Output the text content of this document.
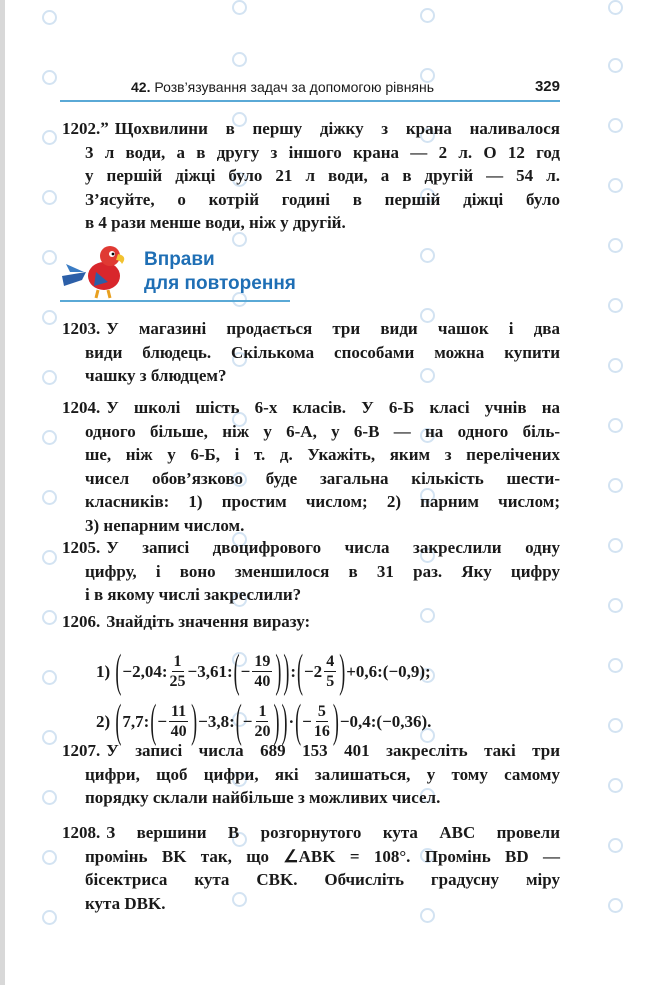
42. Розв’язування задач за допомогою рівнянь	329
Вправи
для повторення
1202.ˮ Щохвилини в першу діжку з крана наливалося
3 л води, а в другу з іншого крана — 2 л. О 12 год
у першій діжці було 21 л води, а в другій — 54 л.
З’ясуйте, о котрій годині в першій діжці було
в 4 рази менше води, ніж у другій.
1203. У магазині продається три види чашок і два
види блюдець. Скількома способами можна купити
чашку з блюдцем?
1204. У школі шість 6-х класів. У 6-Б класі учнів на
одного більше, ніж у 6-А, у 6-В — на одного біль-
ше, ніж у 6-Б, і т. д. Укажіть, яким з перелічених
чисел обов’язково буде загальна кількість шести-
класників: 1) простим числом; 2) парним числом;
3) непарним числом.
1205. У записі двоцифрового числа закреслили одну
цифру, і воно зменшилося в 31 раз. Яку цифру
і в якому числі закреслили?
1206. Знайдіть значення виразу:
1207. У записі числа 689 153 401 закресліть такі три
цифри, щоб цифри, які залишаться, у тому самому
порядку склали найбільше з можливих чисел.
1208. З вершини B розгорнутого кута ABC провели
промінь BK так, що ∠ABK = 108°. Промінь BD —
бісектриса кута CBK. Обчисліть градусну міру
кута DBK.
1) ( −2,04: $\frac{1}{25} -3,61$: ( − $\frac{19}{40}$ ) ) : ( $-2 \frac{4}{5}$ ) +0,6:(−0,9);
2) ( 7,7: ( − $\frac{11}{40}$ ) −3,8: ( − $\frac{1}{20}$ ) ) · ( − $\frac{5}{16}$ ) −0,4:(−0,36).
